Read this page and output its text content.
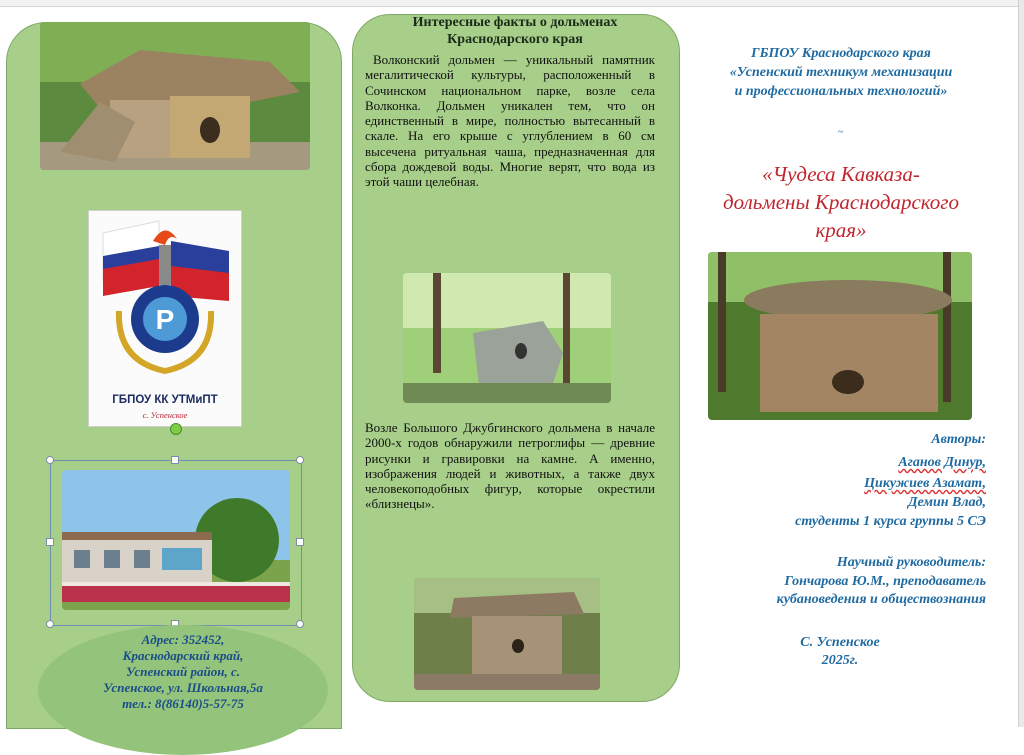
Р
ГБПОУ КК УТМиПТ
с. Успенское
Адрес: 352452,
Краснодарский край,
Успенский район, с.
Успенское, ул. Школьная,5а
тел.: 8(86140)5-57-75
Интересные факты о дольменах
Краснодарского края
Волконский дольмен — уникальный памятник мегалитической культуры, расположенный в Сочинском национальном парке, возле села Волконка. Дольмен уникален тем, что он единственный в мире, полностью вытесанный в скале. На его крыше с углублением в 60 см высечена ритуальная чаша, предназначенная для сбора дождевой воды. Многие верят, что вода из этой чаши целебная.
Возле Большого Джубгинского дольмена в начале 2000-х годов обнаружили петроглифы — древние рисунки и гравировки на камне. А именно, изображения людей и животных, а также двух человекоподобных фигур, которые окрестили «близнецы».
ГБПОУ Краснодарского края
«Успенский техникум механизации
и профессиональных технологий»
~
«Чудеса Кавказа-
дольмены Краснодарского
края»
Авторы:
Аганов Динур,
Цикужиев Азамат,
Демин Влад,
студенты 1 курса группы 5 СЭ
Научный руководитель:
Гончарова Ю.М., преподаватель
кубановедения и обществознания
С. Успенское
2025г.
